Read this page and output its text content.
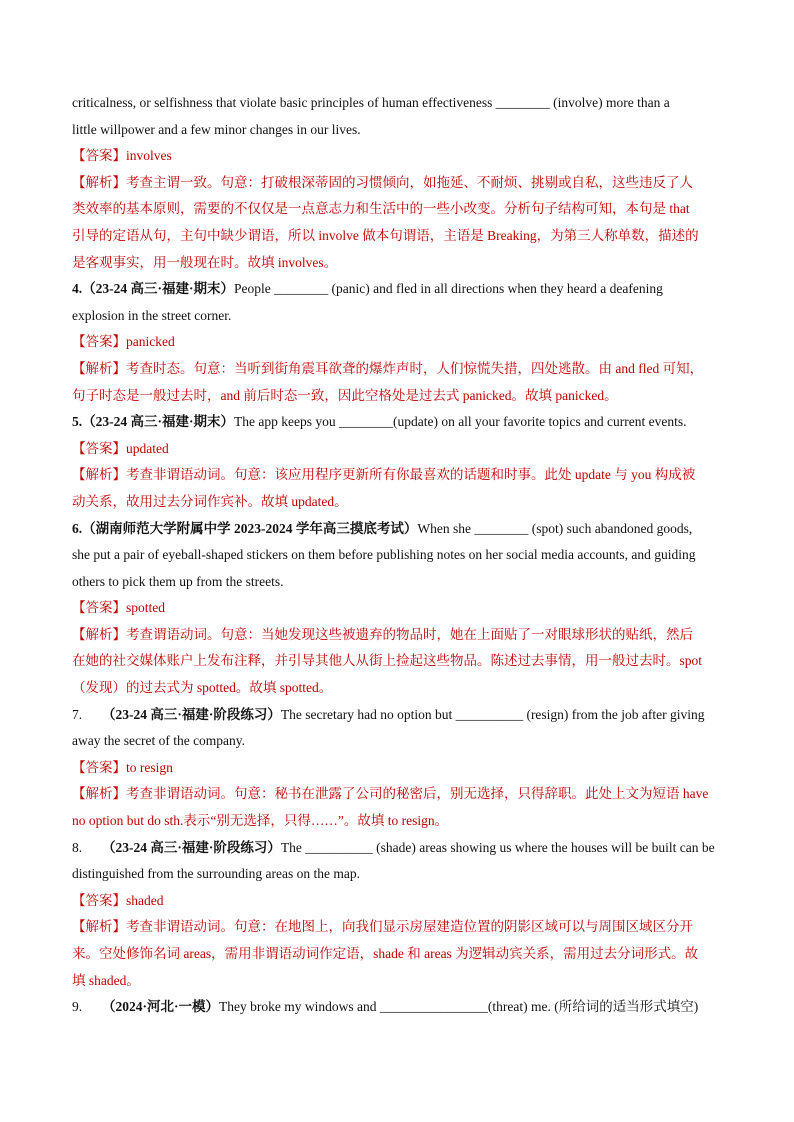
criticalness, or selfishness that violate basic principles of human effectiveness ________ (involve) more than a
little willpower and a few minor changes in our lives.
【答案】involves
【解析】考查主谓一致。句意：打破根深蒂固的习惯倾向，如拖延、不耐烦、挑剔或自私，这些违反了人
类效率的基本原则，需要的不仅仅是一点意志力和生活中的一些小改变。分析句子结构可知，本句是 that
引导的定语从句，主句中缺少谓语，所以 involve 做本句谓语，主语是 Breaking，为第三人称单数，描述的
是客观事实，用一般现在时。故填 involves。
4.（23-24 高三·福建·期末）People ________ (panic) and fled in all directions when they heard a deafening
explosion in the street corner.
【答案】panicked
【解析】考查时态。句意：当听到街角震耳欲聋的爆炸声时，人们惊慌失措，四处逃散。由 and fled 可知，
句子时态是一般过去时，and 前后时态一致，因此空格处是过去式 panicked。故填 panicked。
5.（23-24 高三·福建·期末）The app keeps you ________(update) on all your favorite topics and current events.
【答案】updated
【解析】考查非谓语动词。句意：该应用程序更新所有你最喜欢的话题和时事。此处 update 与 you 构成被
动关系，故用过去分词作宾补。故填 updated。
6.（湖南师范大学附属中学 2023-2024 学年高三摸底考试）When she ________ (spot) such abandoned goods,
she put a pair of eyeball-shaped stickers on them before publishing notes on her social media accounts, and guiding
others to pick them up from the streets.
【答案】spotted
【解析】考查谓语动词。句意：当她发现这些被遗弃的物品时，她在上面贴了一对眼球形状的贴纸，然后
在她的社交媒体账户上发布注释，并引导其他人从街上捡起这些物品。陈述过去事情，用一般过去时。spot
（发现）的过去式为 spotted。故填 spotted。
7. （23-24 高三·福建·阶段练习）The secretary had no option but __________ (resign) from the job after giving
away the secret of the company.
【答案】to resign
【解析】考查非谓语动词。句意：秘书在泄露了公司的秘密后，别无选择，只得辞职。此处上文为短语 have
no option but do sth.表示“别无选择，只得……”。故填 to resign。
8. （23-24 高三·福建·阶段练习）The __________ (shade) areas showing us where the houses will be built can be
distinguished from the surrounding areas on the map.
【答案】shaded
【解析】考查非谓语动词。句意：在地图上，向我们显示房屋建造位置的阴影区域可以与周围区域区分开
来。空处修饰名词 areas，需用非谓语动词作定语，shade 和 areas 为逻辑动宾关系，需用过去分词形式。故
填 shaded。
9. （2024·河北·一模）They broke my windows and ________________(threat) me. (所给词的适当形式填空)
